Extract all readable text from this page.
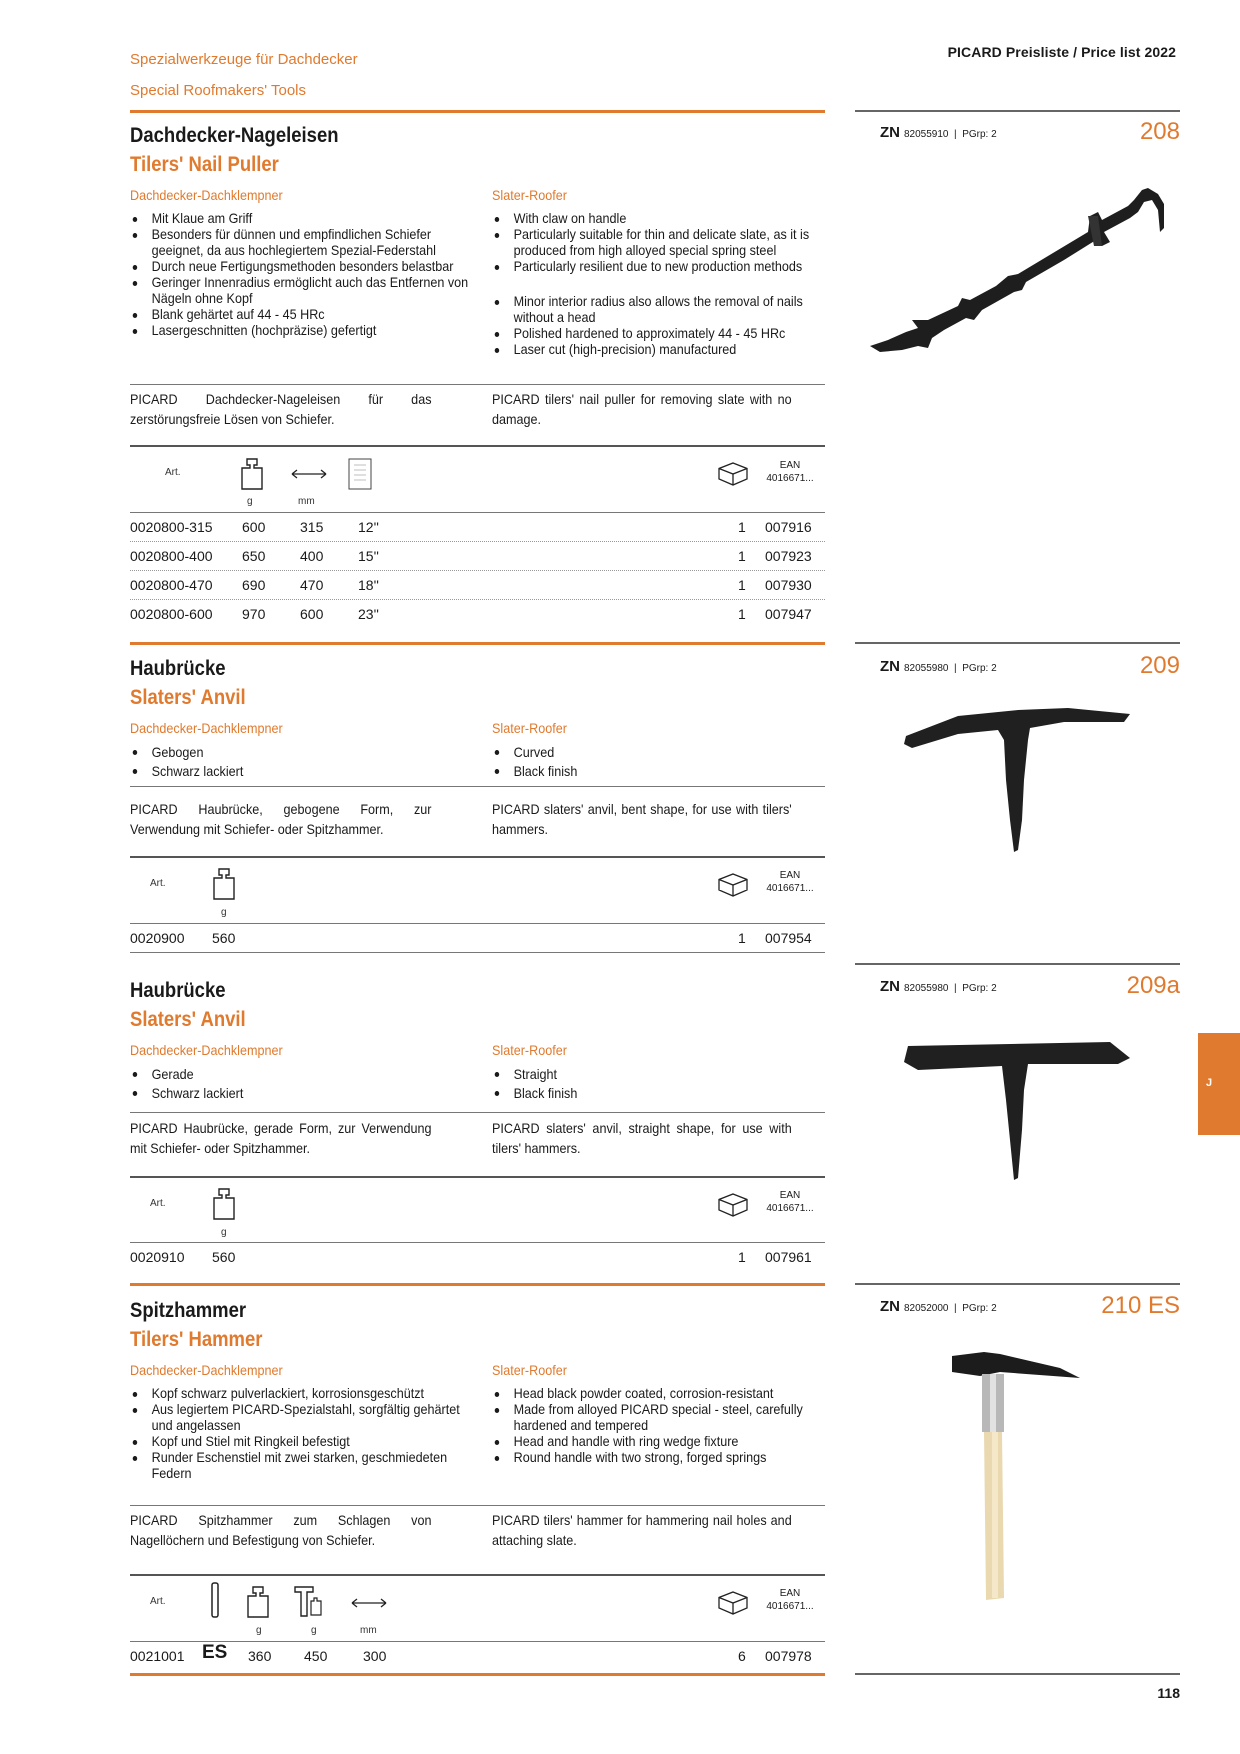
Spezialwerkzeuge für Dachdecker
Special Roofmakers' Tools
PICARD Preisliste / Price list 2022
Dachdecker-Nageleisen
Tilers' Nail Puller
Dachdecker-Dachklempner
Mit Klaue am Griff
Besonders für dünnen und empfindlichen Schiefer geeignet, da aus hochlegiertem Spezial-Federstahl
Durch neue Fertigungsmethoden besonders belastbar
Geringer Innenradius ermöglicht auch das Entfernen von Nägeln ohne Kopf
Blank gehärtet auf 44 - 45 HRc
Lasergeschnitten (hochpräzise) gefertigt
Slater-Roofer
With claw on handle
Particularly suitable for thin and delicate slate, as it is produced from high alloyed special spring steel
Particularly resilient due to new production methods
Minor interior radius also allows the removal of nails without a head
Polished hardened to approximately 44 - 45 HRc
Laser cut (high-precision) manufactured
PICARD Dachdecker-Nageleisen für das zerstörungsfreie Lösen von Schiefer.
PICARD tilers' nail puller for removing slate with no damage.
Art.
EAN
4016671...
g	mm
0020800-315 600 315 12''	1 007916
0020800-400 650 400 15''	1 007923
0020800-470 690 470 18''	1 007930
0020800-600 970 600 23''	1 007947
ZN 82055910  |  PGrp: 2	208
Haubrücke
Slaters' Anvil
Dachdecker-Dachklempner
Gebogen
Schwarz lackiert
Slater-Roofer
Curved
Black finish
PICARD Haubrücke, gebogene Form, zur Verwendung mit Schiefer- oder Spitzhammer.
PICARD slaters' anvil, bent shape, for use with tilers' hammers.
Art.
EAN
4016671...
g
0020900 560	1 007954
ZN 82055980  |  PGrp: 2	209
Haubrücke
Slaters' Anvil
Dachdecker-Dachklempner
Gerade
Schwarz lackiert
Slater-Roofer
Straight
Black finish
PICARD Haubrücke, gerade Form, zur Verwendung mit Schiefer- oder Spitzhammer.
PICARD slaters' anvil, straight shape, for use with tilers' hammers.
Art.
EAN
4016671...
g
0020910 560	1 007961
ZN 82055980  |  PGrp: 2	209a
J
Spitzhammer
Tilers' Hammer
Dachdecker-Dachklempner
Kopf schwarz pulverlackiert, korrosionsgeschützt
Aus legiertem PICARD-Spezialstahl, sorgfältig gehärtet und angelassen
Kopf und Stiel mit Ringkeil befestigt
Runder Eschenstiel mit zwei starken, geschmiedeten Federn
Slater-Roofer
Head black powder coated, corrosion-resistant
Made from alloyed PICARD special - steel, carefully hardened and tempered
Head and handle with ring wedge fixture
Round handle with two strong, forged springs
PICARD Spitzhammer zum Schlagen von Nagellöchern und Befestigung von Schiefer.
PICARD tilers' hammer for hammering nail holes and attaching slate.
Art.
EAN
4016671...
g	g	mm
0021001 ES 360 450	300	6 007978
ZN 82052000  |  PGrp: 2	210 ES
118
